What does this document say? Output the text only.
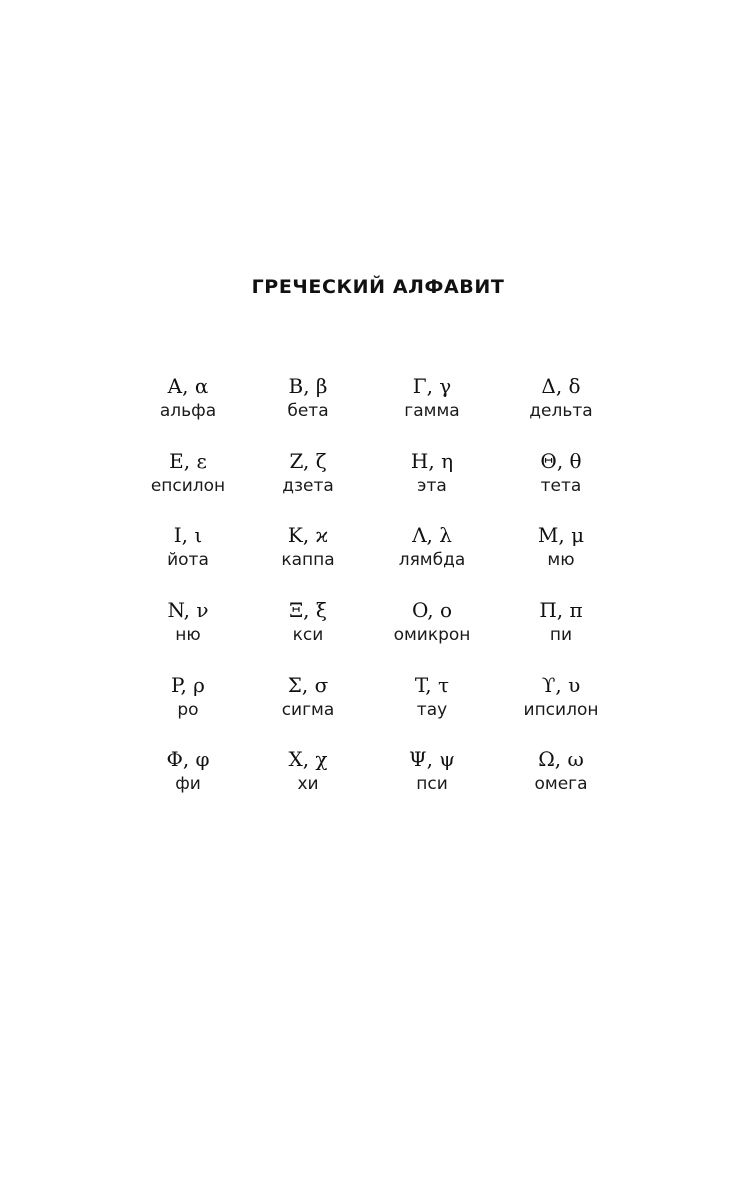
ГРЕЧЕСКИЙ АЛФАВИТ
A, α
альфа
B, β
бета
Γ, γ
гамма
Δ, δ
дельта
E, ε
епсилон
Z, ζ
дзета
H, η
эта
Θ, θ
тета
I, ι
йота
K, ϰ
каппа
Λ, λ
лямбда
M, μ
мю
N, ν
ню
Ξ, ξ
кси
O, o
омикрон
Π, π
пи
P, ρ
ро
Σ, σ
сигма
T, τ
тау
ϒ, υ
ипсилон
Φ, φ
фи
X, χ
хи
Ψ, ψ
пси
Ω, ω
омега
